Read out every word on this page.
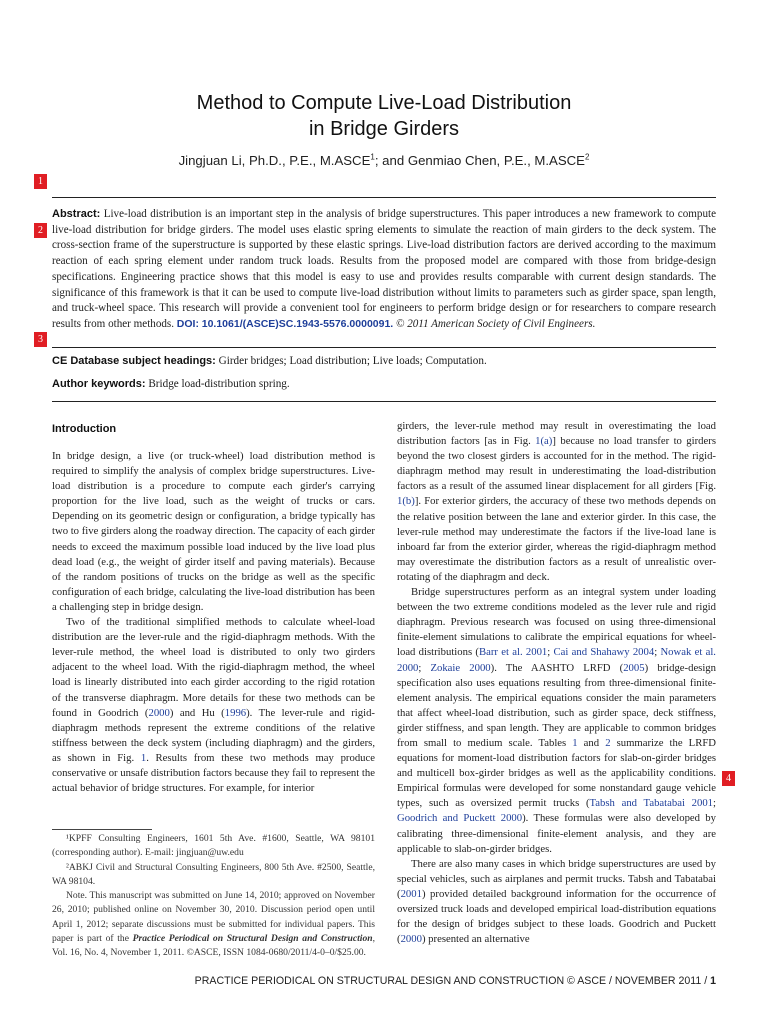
Method to Compute Live-Load Distribution
in Bridge Girders
Jingjuan Li, Ph.D., P.E., M.ASCE$^1$; and Genmiao Chen, P.E., M.ASCE$^2$
1
2
3
4
Abstract: Live-load distribution is an important step in the analysis of bridge superstructures. This paper introduces a new framework to compute live-load distribution for bridge girders. The model uses elastic spring elements to simulate the reaction of main girders to the deck system. The cross-section frame of the superstructure is supported by these elastic springs. Live-load distribution factors are derived according to the maximum reaction of each spring element under random truck loads. Results from the proposed model are compared with those from bridge-design specifications. Engineering practice shows that this model is easy to use and provides results comparable with current design standards. The significance of this framework is that it can be used to compute live-load distribution without limits to parameters such as girder space, span length, and truck-wheel space. This research will provide a convenient tool for engineers to perform bridge design or for researchers to compare research results from other methods. DOI: 10.1061/(ASCE)SC.1943-5576.0000091. © 2011 American Society of Civil Engineers.
CE Database subject headings: Girder bridges; Load distribution; Live loads; Computation.
Author keywords: Bridge load-distribution spring.
Introduction

In bridge design, a live (or truck-wheel) load distribution method is required to simplify the analysis of complex bridge superstructures. Live-load distribution is a procedure to compute each girder's carrying proportion for the live load, such as the weight of trucks or cars. Depending on its geometric design or configuration, a bridge typically has two to five girders along the roadway direction. The capacity of each girder needs to exceed the maximum possible load induced by the live load plus dead load (e.g., the weight of girder itself and paving materials). Because of the random positions of trucks on the bridge as well as the specific configuration of each bridge, calculating the live-load distribution has been a challenging step in bridge design.

Two of the traditional simplified methods to calculate wheel-load distribution are the lever-rule and the rigid-diaphragm methods. With the lever-rule method, the wheel load is distributed to only two girders adjacent to the wheel load. With the rigid-diaphragm method, the wheel load is linearly distributed into each girder according to the rigid rotation of the transverse diaphragm. More details for these two methods can be found in Goodrich (2000) and Hu (1996). The lever-rule and rigid-diaphragm methods represent the extreme conditions of the relative stiffness between the deck system (including diaphragm) and the girders, as shown in Fig. 1. Results from these two methods may produce conservative or unsafe distribution factors because they fail to represent the actual behavior of bridge structures. For example, for interior

¹KPFF Consulting Engineers, 1601 5th Ave. #1600, Seattle, WA 98101 (corresponding author). E-mail: jingjuan@uw.edu

²ABKJ Civil and Structural Consulting Engineers, 800 5th Ave. #2500, Seattle, WA 98104.

Note. This manuscript was submitted on June 14, 2010; approved on November 26, 2010; published online on November 30, 2010. Discussion period open until April 1, 2012; separate discussions must be submitted for individual papers. This paper is part of the Practice Periodical on Structural Design and Construction, Vol. 16, No. 4, November 1, 2011. ©ASCE, ISSN 1084-0680/2011/4-0–0/$25.00.

girders, the lever-rule method may result in overestimating the load distribution factors [as in Fig. 1(a)] because no load transfer to girders beyond the two closest girders is accounted for in the method. The rigid-diaphragm method may result in underestimating the load-distribution factors as a result of the assumed linear displacement for all girders [Fig. 1(b)]. For exterior girders, the accuracy of these two methods depends on the relative position between the lane and exterior girder. In this case, the lever-rule method may underestimate the factors if the live-load lane is inboard far from the exterior girder, whereas the rigid-diaphragm method may overestimate the distribution factors as a result of unrealistic over-rotating of the diaphragm and deck.

Bridge superstructures perform as an integral system under loading between the two extreme conditions modeled as the lever rule and rigid diaphragm. Previous research was focused on using three-dimensional finite-element simulations to calibrate the empirical equations for wheel-load distributions (Barr et al. 2001; Cai and Shahawy 2004; Nowak et al. 2000; Zokaie 2000). The AASHTO LRFD (2005) bridge-design specification also uses equations resulting from three-dimensional finite-element analysis. The empirical equations consider the main parameters that affect wheel-load distribution, such as girder space, deck stiffness, girder stiffness, and span length. They are applicable to common bridges from small to medium scale. Tables 1 and 2 summarize the LRFD equations for moment-load distribution factors for slab-on-girder bridges and multicell box-girder bridges as well as the applicability conditions. Empirical formulas were developed for some nonstandard gauge vehicle types, such as oversized permit trucks (Tabsh and Tabatabai 2001; Goodrich and Puckett 2000). These formulas were also developed by calibrating three-dimensional finite-element analysis, and they are applicable to slab-on-girder bridges.

There are also many cases in which bridge superstructures are used by special vehicles, such as airplanes and permit trucks. Tabsh and Tabatabai (2001) provided detailed background information for the occurrence of oversized truck loads and developed empirical load-distribution equations for the design of bridges subject to these loads. Goodrich and Puckett (2000) presented an alternative

PRACTICE PERIODICAL ON STRUCTURAL DESIGN AND CONSTRUCTION © ASCE / NOVEMBER 2011 / 1
